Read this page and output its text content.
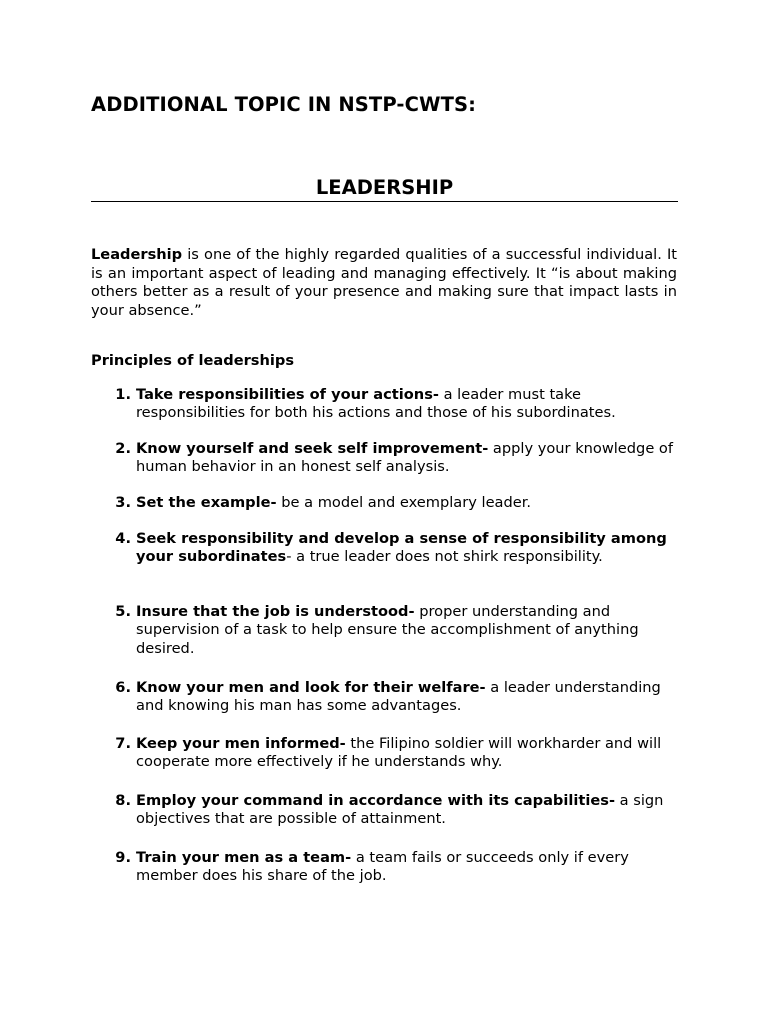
ADDITIONAL TOPIC IN NSTP-CWTS:
LEADERSHIP

Leadership is one of the highly regarded qualities of a successful individual. It is an important aspect of leading and managing effectively. It “is about making others better as a result of your presence and making sure that impact lasts in your absence.”

Principles of leaderships
1. Take responsibilities of your actions- a leader must take responsibilities for both his actions and those of his subordinates.
2. Know yourself and seek self improvement- apply your knowledge of human behavior in an honest self analysis.
3. Set the example- be a model and exemplary leader.
4. Seek responsibility and develop a sense of responsibility among your subordinates- a true leader does not shirk responsibility.
5. Insure that the job is understood- proper understanding and supervision of a task to help ensure the accomplishment of anything desired.
6. Know your men and look for their welfare- a leader understanding and knowing his man has some advantages.
7. Keep your men informed- the Filipino soldier will workharder and will cooperate more effectively if he understands why.
8. Employ your command in accordance with its capabilities- a sign objectives that are possible of attainment.
9. Train your men as a team- a team fails or succeeds only if every member does his share of the job.
